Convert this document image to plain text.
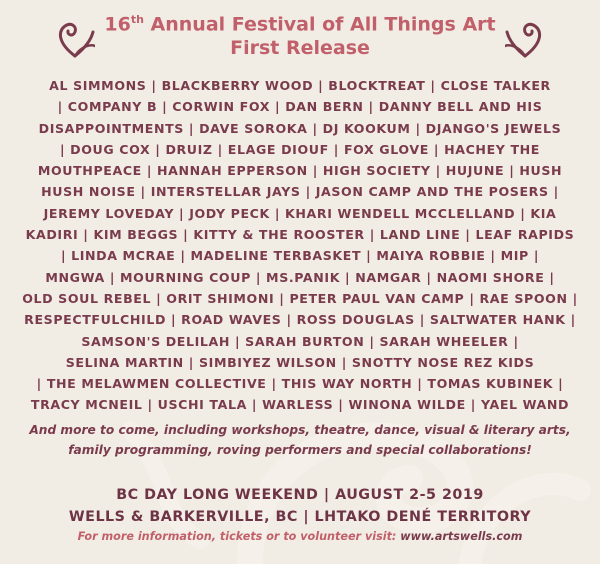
16th Annual Festival of All Things Art
First Release
AL SIMMONS | BLACKBERRY WOOD | BLOCKTREAT | CLOSE TALKER
| COMPANY B | CORWIN FOX | DAN BERN | DANNY BELL AND HIS
DISAPPOINTMENTS | DAVE SOROKA | DJ KOOKUM | DJANGO'S JEWELS
| DOUG COX | DRUIZ | ELAGE DIOUF | FOX GLOVE | HACHEY THE
MOUTHPEACE | HANNAH EPPERSON | HIGH SOCIETY | HUJUNE | HUSH
HUSH NOISE | INTERSTELLAR JAYS | JASON CAMP AND THE POSERS |
JEREMY LOVEDAY | JODY PECK | KHARI WENDELL MCCLELLAND | KIA
KADIRI | KIM BEGGS | KITTY & THE ROOSTER | LAND LINE | LEAF RAPIDS
| LINDA MCRAE | MADELINE TERBASKET | MAIYA ROBBIE | MIP |
MNGWA | MOURNING COUP | MS.PANIK | NAMGAR | NAOMI SHORE |
OLD SOUL REBEL | ORIT SHIMONI | PETER PAUL VAN CAMP | RAE SPOON |
RESPECTFULCHILD | ROAD WAVES | ROSS DOUGLAS | SALTWATER HANK |
SAMSON'S DELILAH | SARAH BURTON | SARAH WHEELER |
SELINA MARTIN | SIMBIYEZ WILSON | SNOTTY NOSE REZ KIDS
| THE MELAWMEN COLLECTIVE | THIS WAY NORTH | TOMAS KUBINEK |
TRACY MCNEIL | USCHI TALA | WARLESS | WINONA WILDE | YAEL WAND
And more to come, including workshops, theatre, dance, visual & literary arts,
family programming, roving performers and special collaborations!
BC DAY LONG WEEKEND | AUGUST 2-5 2019
WELLS & BARKERVILLE, BC | LHTAKO DENÉ TERRITORY
For more information, tickets or to volunteer visit: www.artswells.com
